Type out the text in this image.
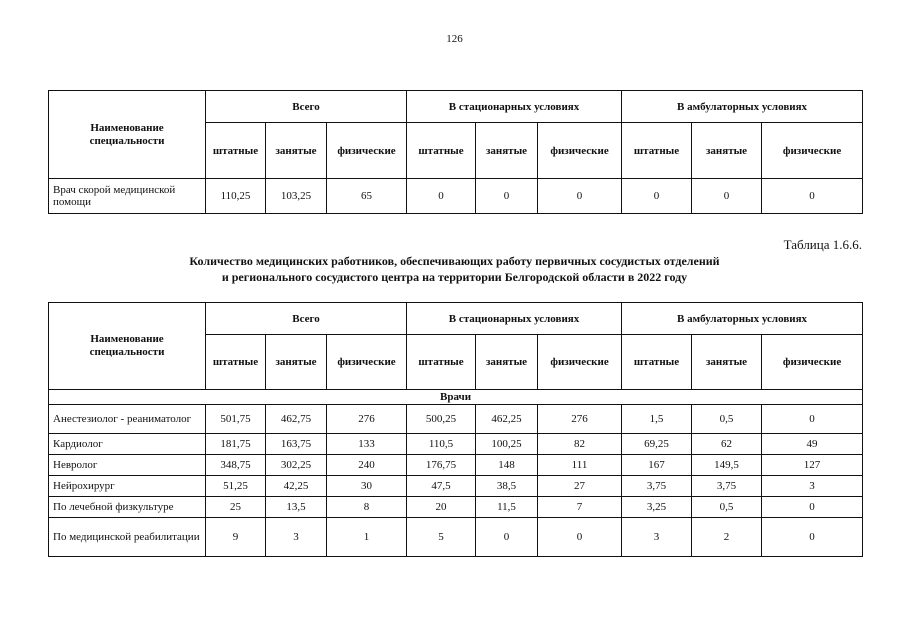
126
Наименование специальности	Всего			В стационарных условиях			В амбулаторных условиях		
	штатные	занятые	физические	штатные	занятые	физические	штатные	занятые	физические
Врач скорой медицинской помощи	110,25	103,25	65	0	0	0	0	0	0
Таблица 1.6.6.
Количество медицинских работников, обеспечивающих работу первичных сосудистых отделений
и регионального сосудистого центра на территории Белгородской области в 2022 году
Наименование специальности	Всего			В стационарных условиях			В амбулаторных условиях		
	штатные	занятые	физические	штатные	занятые	физические	штатные	занятые	физические
Врачи									
Анестезиолог - реаниматолог	501,75	462,75	276	500,25	462,25	276	1,5	0,5	0
Кардиолог	181,75	163,75	133	110,5	100,25	82	69,25	62	49
Невролог	348,75	302,25	240	176,75	148	111	167	149,5	127
Нейрохирург	51,25	42,25	30	47,5	38,5	27	3,75	3,75	3
По лечебной физкультуре	25	13,5	8	20	11,5	7	3,25	0,5	0
По медицинской реабилитации	9	3	1	5	0	0	3	2	0
